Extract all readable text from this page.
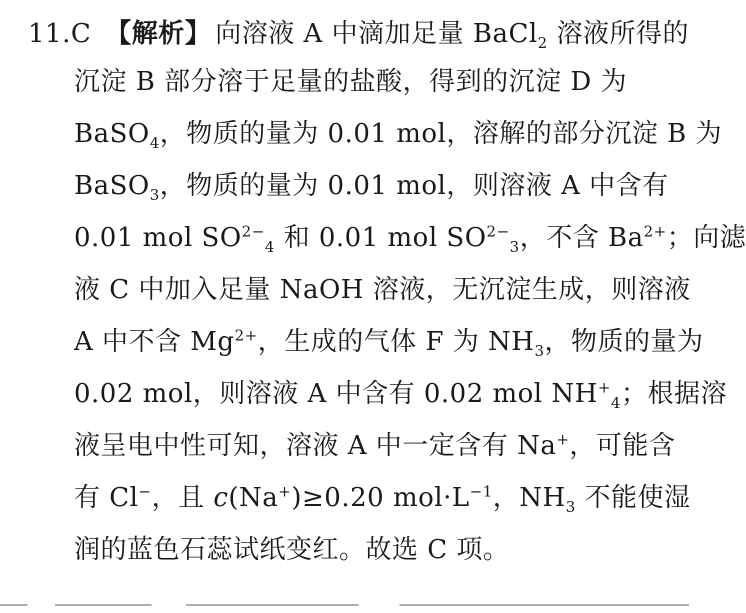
11.C 【解析】 向溶液 A 中滴加足量 BaCl$_2$ 溶液所得的
沉淀 B 部分溶于足量的盐酸，得到的沉淀 D 为
BaSO$_4$，物质的量为 0.01 mol，溶解的部分沉淀 B 为
BaSO$_3$，物质的量为 0.01 mol，则溶液 A 中含有
0.01 mol $SO^{2-}_4$ 和 0.01 mol $SO^{2-}_3$，不含 $Ba^{2+}$；向滤
液 C 中加入足量 NaOH 溶液，无沉淀生成，则溶液
A 中不含 $Mg^{2+}$，生成的气体 F 为 $NH_3$，物质的量为
0.02 mol，则溶液 A 中含有 0.02 mol $NH^+_4$；根据溶
液呈电中性可知，溶液 A 中一定含有 Na+，可能含
有 Cl−，且 c(Na+)≥0.20 $mol\cdot L^{-1}$，$NH_3$ 不能使湿
润的蓝色石蕊试纸变红。故选 C 项。
